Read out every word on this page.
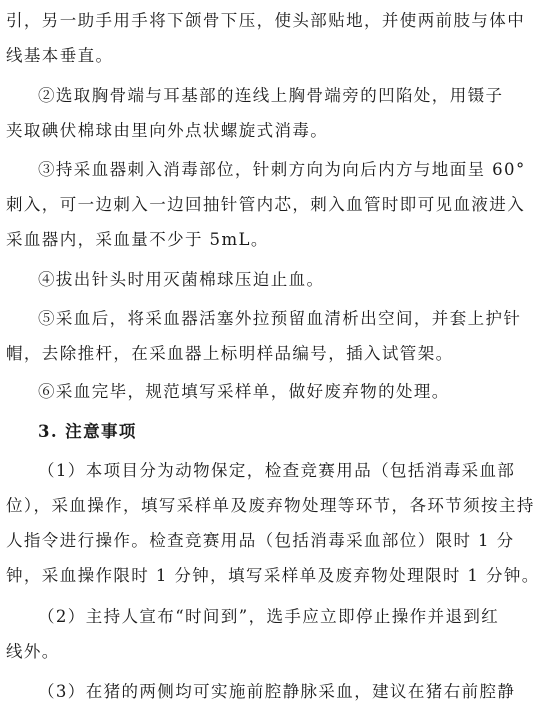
引，另一助手用手将下颌骨下压，使头部贴地，并使两前肢与体中
线基本垂直。
②选取胸骨端与耳基部的连线上胸骨端旁的凹陷处，用镊子
夹取碘伏棉球由里向外点状螺旋式消毒。
③持采血器刺入消毒部位，针刺方向为向后内方与地面呈 60°
刺入，可一边刺入一边回抽针管内芯，刺入血管时即可见血液进入
采血器内，采血量不少于 5mL。
④拔出针头时用灭菌棉球压迫止血。
⑤采血后，将采血器活塞外拉预留血清析出空间，并套上护针
帽，去除推杆，在采血器上标明样品编号，插入试管架。
⑥采血完毕，规范填写采样单，做好废弃物的处理。
3. 注意事项
（1）本项目分为动物保定，检查竞赛用品（包括消毒采血部
位），采血操作，填写采样单及废弃物处理等环节，各环节须按主持
人指令进行操作。检查竞赛用品（包括消毒采血部位）限时 1 分
钟，采血操作限时 1 分钟，填写采样单及废弃物处理限时 1 分钟。
（2）主持人宣布“时间到”，选手应立即停止操作并退到红
线外。
（3）在猪的两侧均可实施前腔静脉采血，建议在猪右前腔静
